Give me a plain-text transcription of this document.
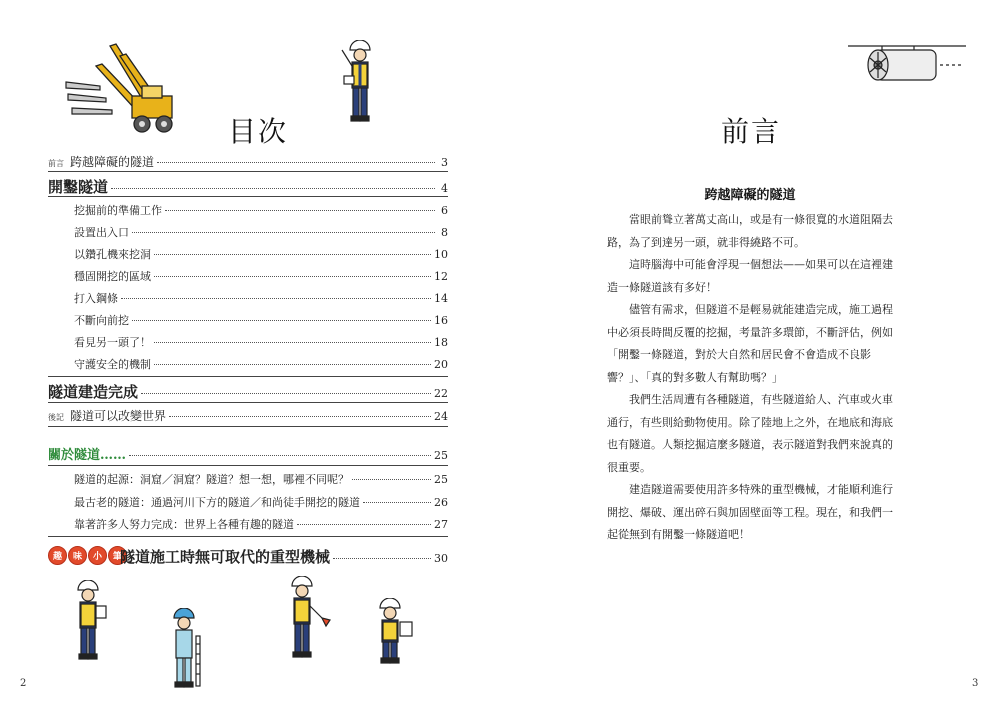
目次
前言 跨越障礙的隧道	3
開鑿隧道	4
挖掘前的準備工作	6
設置出入口	8
以鑽孔機來挖洞	10
穩固開挖的區域	12
打入鋼條	14
不斷向前挖	16
看見另一頭了！	18
守護安全的機制	20
隧道建造完成	22
後記 隧道可以改變世界	24
關於隧道……	25
隧道的起源：洞窟／洞窟？隧道？想一想，哪裡不同呢？	25
最古老的隧道：通過河川下方的隧道／和尚徒手開挖的隧道	26
靠著許多人努力完成：世界上各種有趣的隧道	27
趣	味	小	筆
隧道施工時無可取代的重型機械	30
2
前言
跨越障礙的隧道

當眼前聳立著萬丈高山，或是有一條很寬的水道阻隔去路，為了到達另一頭，就非得繞路不可。

這時腦海中可能會浮現一個想法——如果可以在這裡建造一條隧道該有多好！

儘管有需求，但隧道不是輕易就能建造完成，施工過程中必須長時間反覆的挖掘，考量許多環節，不斷評估，例如「開鑿一條隧道，對於大自然和居民會不會造成不良影響？」、「真的對多數人有幫助嗎？」

我們生活周遭有各種隧道，有些隧道給人、汽車或火車通行，有些則給動物使用。除了陸地上之外，在地底和海底也有隧道。人類挖掘這麼多隧道，表示隧道對我們來說真的很重要。

建造隧道需要使用許多特殊的重型機械，才能順利進行開挖、爆破、運出碎石與加固壁面等工程。現在，和我們一起從無到有開鑿一條隧道吧！

3
